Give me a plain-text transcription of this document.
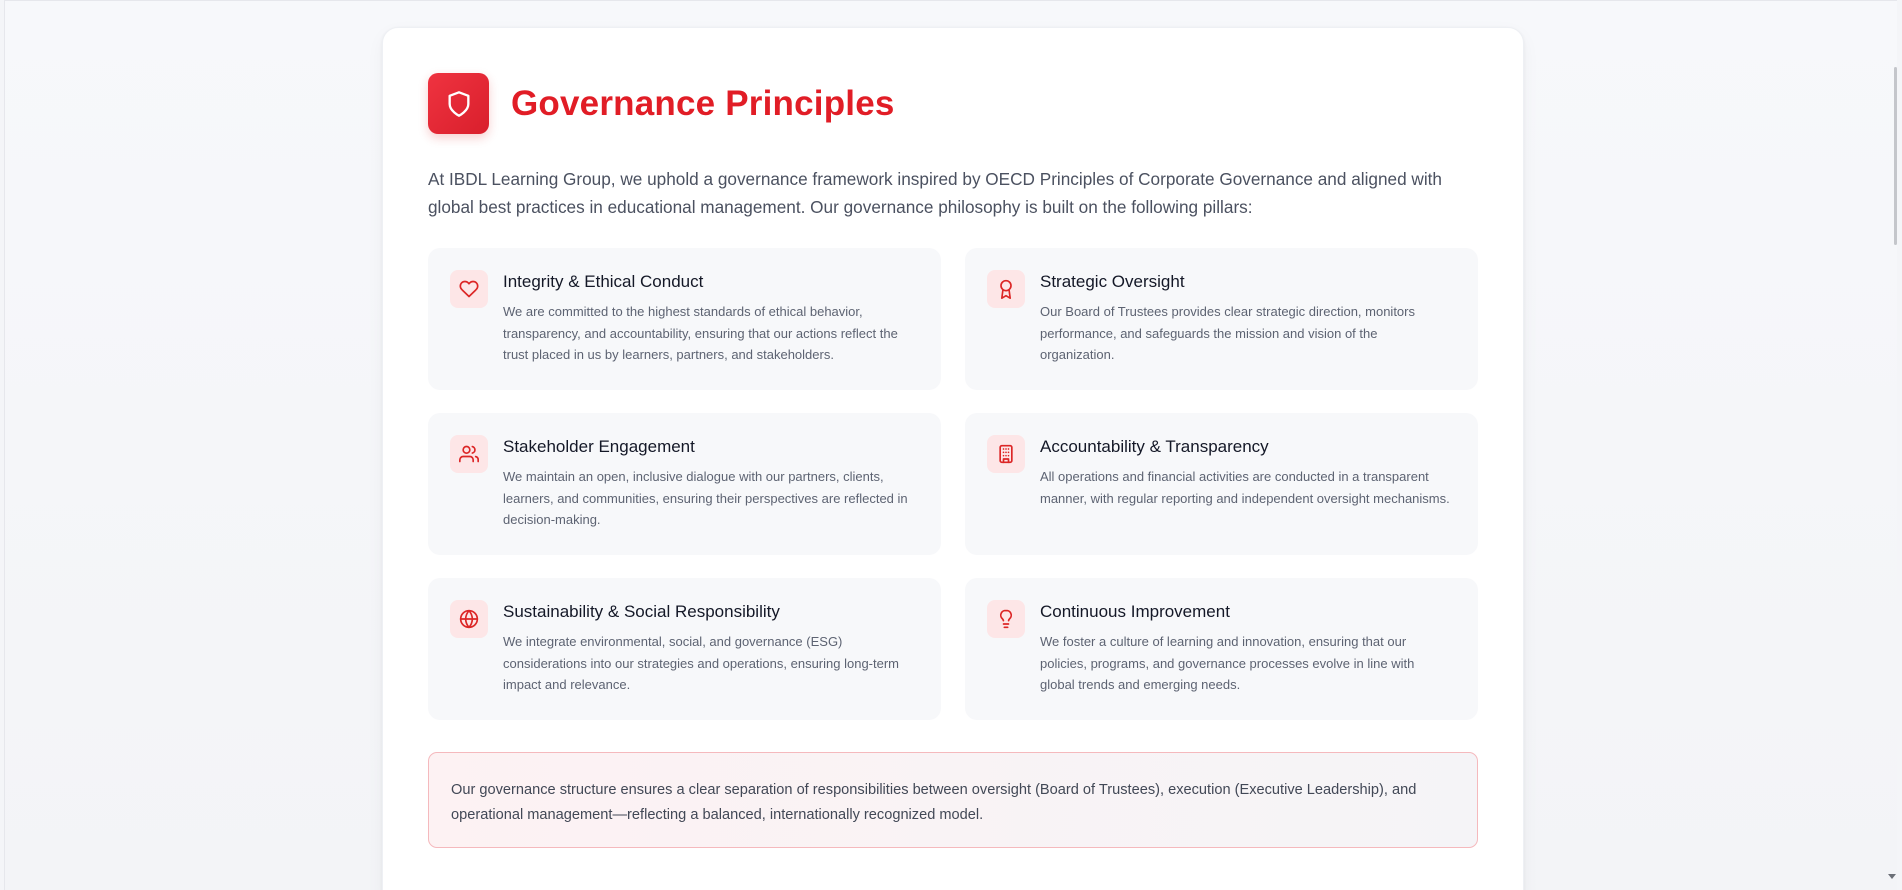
Governance Principles

At IBDL Learning Group, we uphold a governance framework inspired by OECD Principles of Corporate Governance and aligned with global best practices in educational management. Our governance philosophy is built on the following pillars:

Integrity & Ethical Conduct
We are committed to the highest standards of ethical behavior, transparency, and accountability, ensuring that our actions reflect the trust placed in us by learners, partners, and stakeholders.
Strategic Oversight
Our Board of Trustees provides clear strategic direction, monitors performance, and safeguards the mission and vision of the organization.
Stakeholder Engagement
We maintain an open, inclusive dialogue with our partners, clients, learners, and communities, ensuring their perspectives are reflected in decision-making.
Accountability & Transparency
All operations and financial activities are conducted in a transparent manner, with regular reporting and independent oversight mechanisms.
Sustainability & Social Responsibility
We integrate environmental, social, and governance (ESG) considerations into our strategies and operations, ensuring long-term impact and relevance.
Continuous Improvement
We foster a culture of learning and innovation, ensuring that our policies, programs, and governance processes evolve in line with global trends and emerging needs.
Our governance structure ensures a clear separation of responsibilities between oversight (Board of Trustees), execution (Executive Leadership), and operational management—reflecting a balanced, internationally recognized model.
